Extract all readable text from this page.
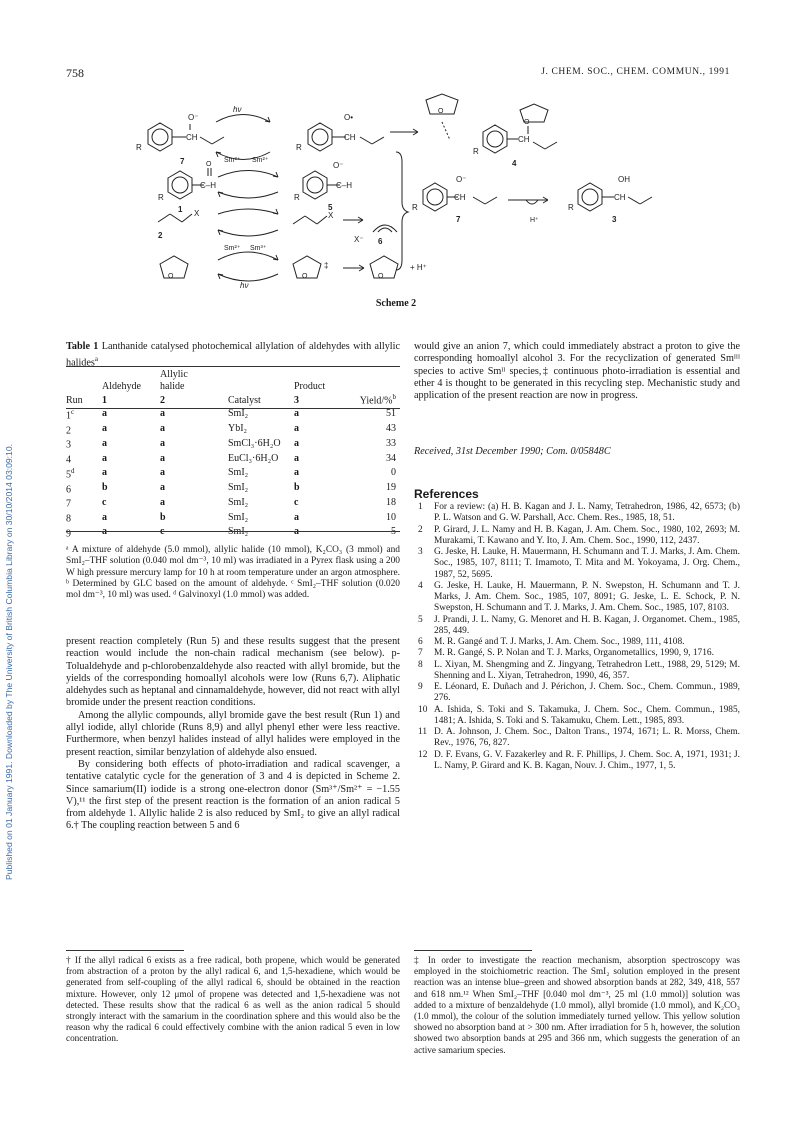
Published on 01 January 1991. Downloaded by The University of British Columbia Library on 30/10/2014 03:09:10.
758	J. CHEM. SOC., CHEM. COMMUN., 1991
O⁻
CH
R
7
hν
Sm³⁺ Sm²⁺
O•
CH
R
O
O
CH
R
4
O
C–H
R
1
O⁻
C–H
R
5
O⁻
CH
R
7	H⁺
OH
CH
R
3
X
2
Sm²⁺ Sm³⁺
X
X⁻ 6
O
hν
O
‡
O
+ H⁺
Scheme 2
Table 1 Lanthanide catalysed photochemical allylation of aldehydes with allylic halides$^a$
		Allylic			
	Aldehyde	halide		Product	
Run	1	2	Catalyst	3	Yield/%$^b$
1$^c$	a	a	SmI₂	a	51
2	a	a	YbI₂	a	43
3	a	a	SmCl₃·6H₂O	a	33
4	a	a	EuCl₃·6H₂O	a	34
5$^d$	a	a	SmI₂	a	0
6	b	a	SmI₂	b	19
7	c	a	SmI₂	c	18
8	a	b	SmI₂	a	10
9	a	c	SmI₂	a	5
ᵃ A mixture of aldehyde (5.0 mmol), allylic halide (10 mmol), K₂CO₃ (3 mmol) and SmI₂–THF solution (0.040 mol dm⁻³, 10 ml) was irradiated in a Pyrex flask using a 200 W high pressure mercury lamp for 10 h at room temperature under an argon atmosphere. ᵇ Determined by GLC based on the amount of aldehyde. ᶜ SmI₂–THF solution (0.020 mol dm⁻³, 10 ml) was used. ᵈ Galvinoxyl (1.0 mmol) was added.

present reaction completely (Run 5) and these results suggest that the present reaction would include the non-chain radical mechanism (see below). p-Tolualdehyde and p-chlorobenzaldehyde also reacted with allyl bromide, but the yields of the corresponding homoallyl alcohols were low (Runs 6,7). Aliphatic aldehydes such as heptanal and cinnamaldehyde, however, did not react with allyl bromide under the present reaction conditions.

Among the allylic compounds, allyl bromide gave the best result (Run 1) and allyl iodide, allyl chloride (Runs 8,9) and allyl phenyl ether were less reactive. Furthermore, when benzyl halides instead of allyl halides were employed in the present reaction, similar benzylation of aldehyde also ensued.

By considering both effects of photo-irradiation and radical scavenger, a tentative catalytic cycle for the generation of 3 and 4 is depicted in Scheme 2. Since samarium(II) iodide is a strong one-electron donor (Sm³⁺/Sm²⁺ = −1.55 V),¹¹ the first step of the present reaction is the formation of an anion radical 5 from aldehyde 1. Allylic halide 2 is also reduced by SmI₂ to give an allyl radical 6.† The coupling reaction between 5 and 6

† If the allyl radical 6 exists as a free radical, both propene, which would be generated from abstraction of a proton by the allyl radical 6, and 1,5-hexadiene, which would be generated from self-coupling of the allyl radical 6, should be obtained in the reaction mixture. However, only 12 μmol of propene was detected and 1,5-hexadiene was not detected. These results show that the radical 6 as well as the anion radical 5 should strongly interact with the samarium in the coordination sphere and this would also be the reason why the radical 6 could effectively combine with the anion radical 5 even in low concentration.
would give an anion 7, which could immediately abstract a proton to give the corresponding homoallyl alcohol 3. For the recyclization of generated Smᴵᴵᴵ species to active Smᴵᴵ species,‡ continuous photo-irradiation is essential and ether 4 is thought to be generated in this recycling step. Mechanistic study and application of the present reaction are now in progress.
Received, 31st December 1990; Com. 0/05848C
References
1 For a review: (a) H. B. Kagan and J. L. Namy, Tetrahedron, 1986, 42, 6573; (b) P. L. Watson and G. W. Parshall, Acc. Chem. Res., 1985, 18, 51.
2 P. Girard, J. L. Namy and H. B. Kagan, J. Am. Chem. Soc., 1980, 102, 2693; M. Murakami, T. Kawano and Y. Ito, J. Am. Chem. Soc., 1990, 112, 2437.
3 G. Jeske, H. Lauke, H. Mauermann, H. Schumann and T. J. Marks, J. Am. Chem. Soc., 1985, 107, 8111; T. Imamoto, T. Mita and M. Yokoyama, J. Org. Chem., 1987, 52, 5695.
4 G. Jeske, H. Lauke, H. Mauermann, P. N. Swepston, H. Schumann and T. J. Marks, J. Am. Chem. Soc., 1985, 107, 8091; G. Jeske, L. E. Schock, P. N. Swepston, H. Schumann and T. J. Marks, J. Am. Chem. Soc., 1985, 107, 8103.
5 J. Prandi, J. L. Namy, G. Menoret and H. B. Kagan, J. Organomet. Chem., 1985, 285, 449.
6 M. R. Gangé and T. J. Marks, J. Am. Chem. Soc., 1989, 111, 4108.
7 M. R. Gangé, S. P. Nolan and T. J. Marks, Organometallics, 1990, 9, 1716.
8 L. Xiyan, M. Shengming and Z. Jingyang, Tetrahedron Lett., 1988, 29, 5129; M. Shenning and L. Xiyan, Tetrahedron, 1990, 46, 357.
9 E. Léonard, E. Duñach and J. Périchon, J. Chem. Soc., Chem. Commun., 1989, 276.
10 A. Ishida, S. Toki and S. Takamuka, J. Chem. Soc., Chem. Commun., 1985, 1481; A. Ishida, S. Toki and S. Takamuku, Chem. Lett., 1985, 893.
11 D. A. Johnson, J. Chem. Soc., Dalton Trans., 1974, 1671; L. R. Morss, Chem. Rev., 1976, 76, 827.
12 D. F. Evans, G. V. Fazakerley and R. F. Phillips, J. Chem. Soc. A, 1971, 1931; J. L. Namy, P. Girard and K. B. Kagan, Nouv. J. Chim., 1977, 1, 5.
‡ In order to investigate the reaction mechanism, absorption spectroscopy was employed in the stoichiometric reaction. The SmI₂ solution employed in the present reaction was an intense blue–green and showed absorption bands at 282, 349, 418, 557 and 618 nm.¹² When SmI₂–THF [0.040 mol dm⁻³, 25 ml (1.0 mmol)] solution was added to a mixture of benzaldehyde (1.0 mmol), allyl bromide (1.0 mmol), and K₂CO₃ (1.0 mmol), the colour of the solution immediately turned yellow. This yellow solution showed no absorption band at > 300 nm. After irradiation for 5 h, however, the solution showed two absorption bands at 295 and 366 nm, which suggests the generation of an active samarium species.
